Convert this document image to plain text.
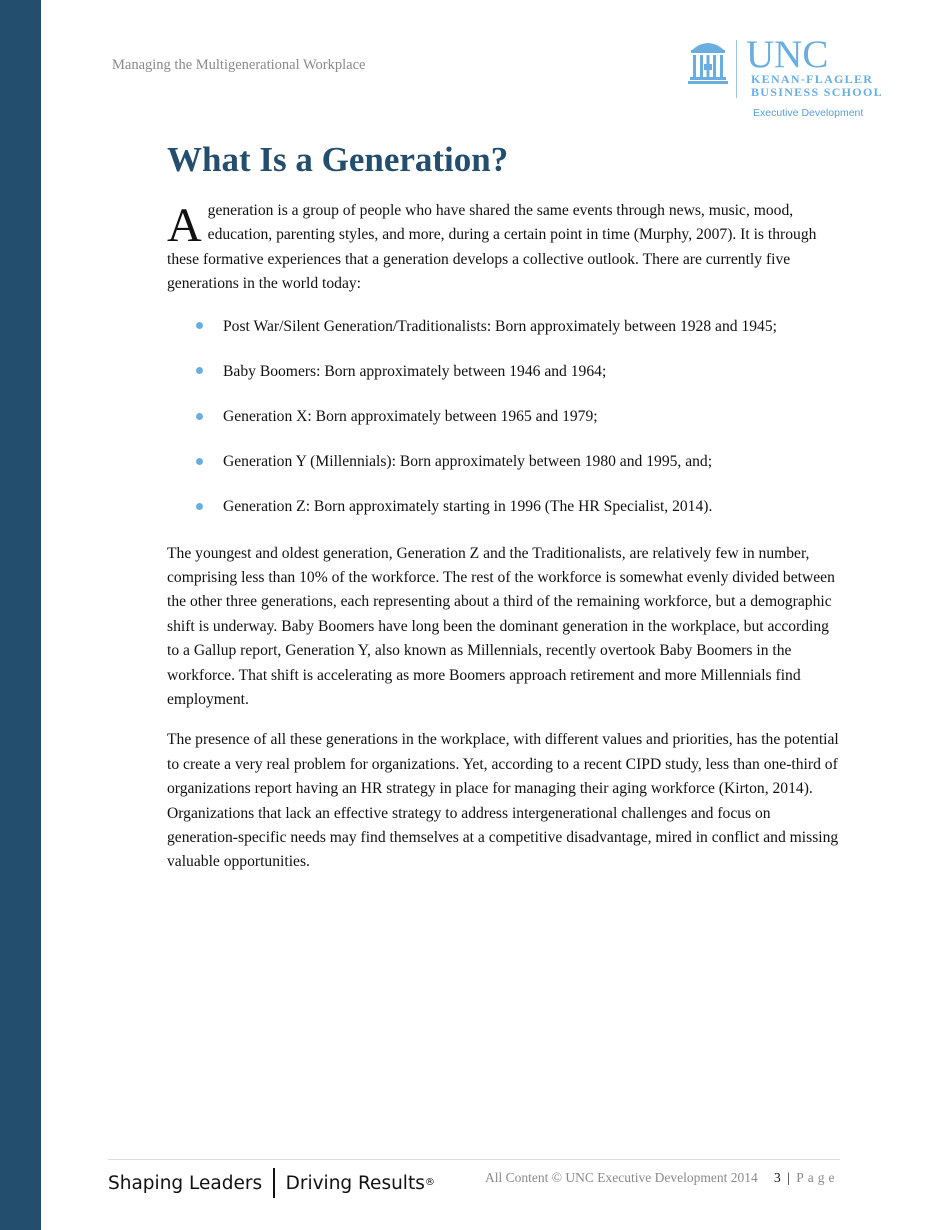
Managing the Multigenerational Workplace	UNC
KENAN-FLAGLER
BUSINESS SCHOOL
Executive Development
What Is a Generation?

Ageneration is a group of people who have shared the same events through news, music, mood, education, parenting styles, and more, during a certain point in time (Murphy, 2007). It is through these formative experiences that a generation develops a collective outlook. There are currently five generations in the world today:

Post War/Silent Generation/Traditionalists: Born approximately between 1928 and 1945;
Baby Boomers: Born approximately between 1946 and 1964;
Generation X: Born approximately between 1965 and 1979;
Generation Y (Millennials): Born approximately between 1980 and 1995, and;
Generation Z: Born approximately starting in 1996 (The HR Specialist, 2014).

The youngest and oldest generation, Generation Z and the Traditionalists, are relatively few in number, comprising less than 10% of the workforce. The rest of the workforce is somewhat evenly divided between the other three generations, each representing about a third of the remaining workforce, but a demographic shift is underway. Baby Boomers have long been the dominant generation in the workplace, but according to a Gallup report, Generation Y, also known as Millennials, recently overtook Baby Boomers in the workforce. That shift is accelerating as more Boomers approach retirement and more Millennials find employment.

The presence of all these generations in the workplace, with different values and priorities, has the potential to create a very real problem for organizations. Yet, according to a recent CIPD study, less than one-third of organizations report having an HR strategy in place for managing their aging workforce (Kirton, 2014). Organizations that lack an effective strategy to address intergenerational challenges and focus on generation-specific needs may find themselves at a competitive disadvantage, mired in conflict and missing valuable opportunities.

Shaping Leaders Driving Results ®	All Content © UNC Executive Development 2014 3 | Page
